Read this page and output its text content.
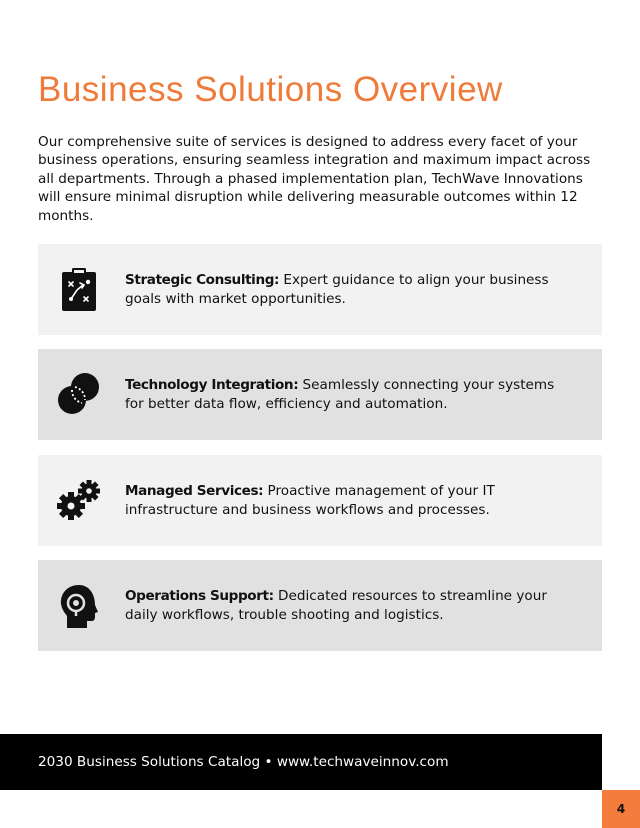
Business Solutions Overview

Our comprehensive suite of services is designed to address every facet of your business operations, ensuring seamless integration and maximum impact across all departments. Through a phased implementation plan, TechWave Innovations will ensure minimal disruption while delivering measurable outcomes within 12 months.

Strategic Consulting: Expert guidance to align your business goals with market opportunities.

Technology Integration: Seamlessly connecting your systems for better data flow, efficiency and automation.

Managed Services: Proactive management of your IT infrastructure and business workflows and processes.

Operations Support: Dedicated resources to streamline your daily workflows, trouble shooting and logistics.

2030 Business Solutions Catalog • www.techwaveinnov.com
4
